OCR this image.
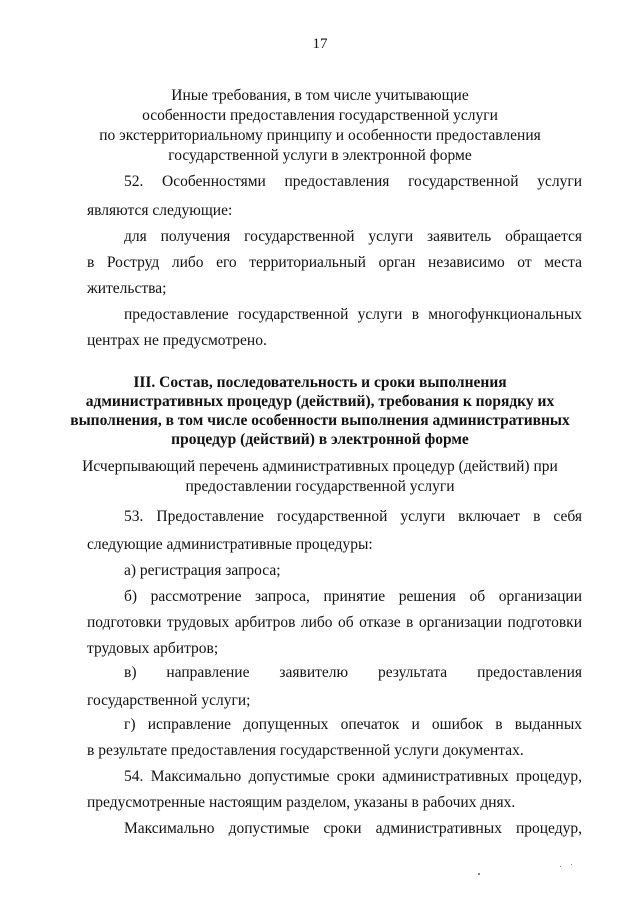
17
Иные требования, в том числе учитывающие
особенности предоставления государственной услуги
по экстерриториальному принципу и особенности предоставления
государственной услуги в электронной форме
52. Особенностями предоставления государственной услуги
являются следующие:
для получения государственной услуги заявитель обращается
в Роструд либо его территориальный орган независимо от места
жительства;
предоставление государственной услуги в многофункциональных
центрах не предусмотрено.
III. Состав, последовательность и сроки выполнения
административных процедур (действий), требования к порядку их
выполнения, в том числе особенности выполнения административных
процедур (действий) в электронной форме
Исчерпывающий перечень административных процедур (действий) при
предоставлении государственной услуги
53. Предоставление государственной услуги включает в себя
следующие административные процедуры:
а) регистрация запроса;
б) рассмотрение запроса, принятие решения об организации
подготовки трудовых арбитров либо об отказе в организации подготовки
трудовых арбитров;
в) направление заявителю результата предоставления
государственной услуги;
г) исправление допущенных опечаток и ошибок в выданных
в результате предоставления государственной услуги документах.
54. Максимально допустимые сроки административных процедур,
предусмотренные настоящим разделом, указаны в рабочих днях.
Максимально допустимые сроки административных процедур,
